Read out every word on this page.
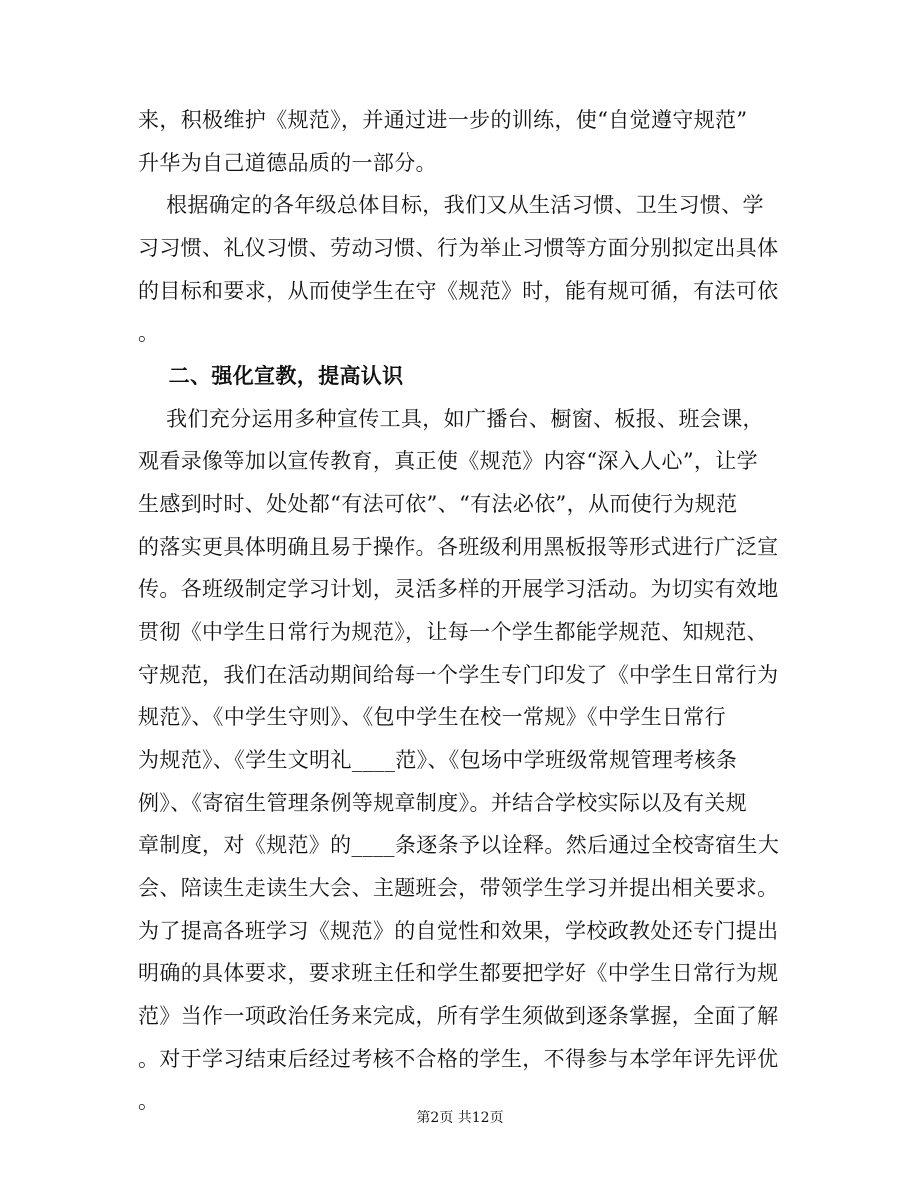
来，积极维护《规范》，并通过进一步的训练，使“自觉遵守规范”
升华为自己道德品质的一部分。
根据确定的各年级总体目标，我们又从生活习惯、卫生习惯、学
习习惯、礼仪习惯、劳动习惯、行为举止习惯等方面分别拟定出具体
的目标和要求，从而使学生在守《规范》时，能有规可循，有法可依
。
二、强化宣教，提高认识
我们充分运用多种宣传工具，如广播台、橱窗、板报、班会课，
观看录像等加以宣传教育，真正使《规范》内容“深入人心”，让学
生感到时时、处处都“有法可依”、“有法必依”，从而使行为规范
的落实更具体明确且易于操作。各班级利用黑板报等形式进行广泛宣
传。各班级制定学习计划，灵活多样的开展学习活动。为切实有效地
贯彻《中学生日常行为规范》，让每一个学生都能学规范、知规范、
守规范，我们在活动期间给每一个学生专门印发了《中学生日常行为
规范》、《中学生守则》、《包中学生在校一常规》《中学生日常行
为规范》、《学生文明礼____范》、《包场中学班级常规管理考核条
例》、《寄宿生管理条例等规章制度》。并结合学校实际以及有关规
章制度，对《规范》的____条逐条予以诠释。然后通过全校寄宿生大
会、陪读生走读生大会、主题班会，带领学生学习并提出相关要求。
为了提高各班学习《规范》的自觉性和效果，学校政教处还专门提出
明确的具体要求，要求班主任和学生都要把学好《中学生日常行为规
范》当作一项政治任务来完成，所有学生须做到逐条掌握，全面了解
。对于学习结束后经过考核不合格的学生，不得参与本学年评先评优
。
第2页 共12页
